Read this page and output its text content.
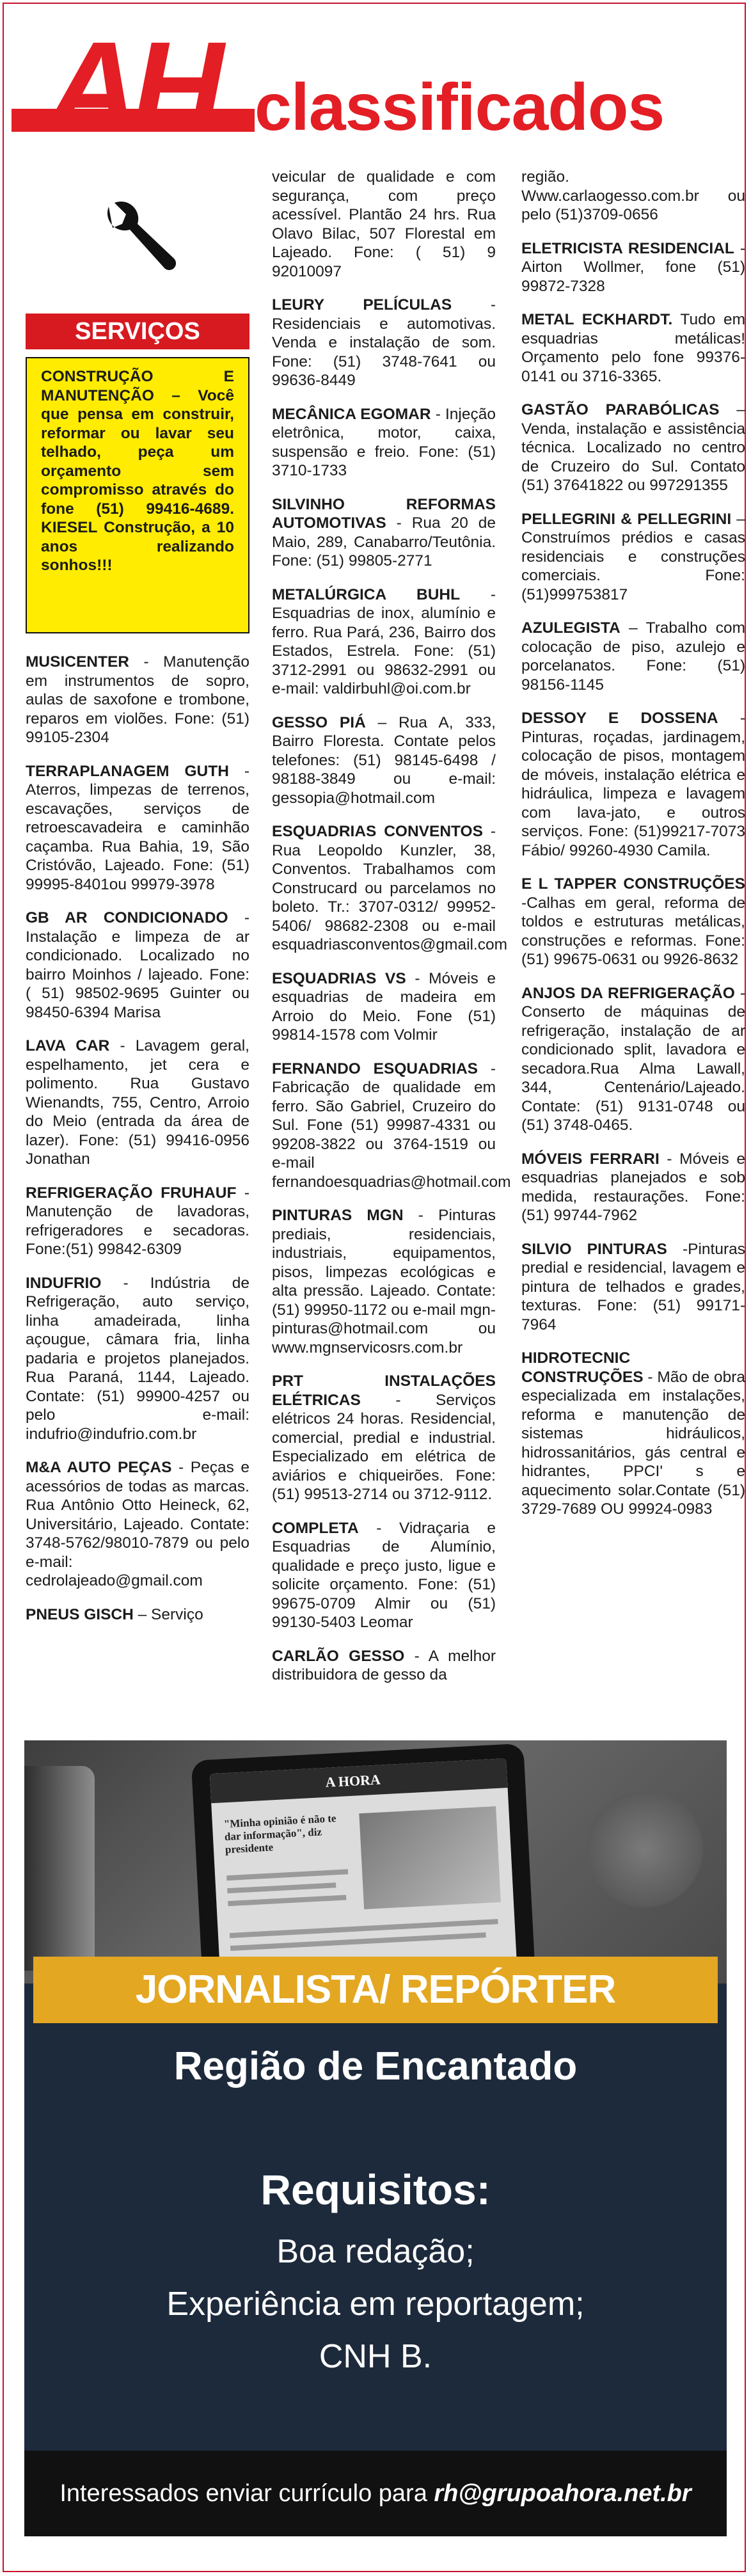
AH classificados
SERVIÇOS
CONSTRUÇÃO E MANUTENÇÃO – Você que pensa em construir, reformar ou lavar seu telhado, peça um orçamento sem compromisso através do fone (51) 99416-4689. KIESEL Construção, a 10 anos realizando sonhos!!!

MUSICENTER - Manutenção em instrumentos de sopro, aulas de saxofone e trombone, reparos em violões. Fone: (51) 99105-2304

TERRAPLANAGEM GUTH - Aterros, limpezas de terrenos, escavações, serviços de retroescavadeira e caminhão caçamba. Rua Bahia, 19, São Cristóvão, Lajeado. Fone: (51) 99995-8401ou 99979-3978

GB AR CONDICIONADO - Instalação e limpeza de ar condicionado. Localizado no bairro Moinhos / lajeado. Fone: ( 51) 98502-9695 Guinter ou 98450-6394 Marisa

LAVA CAR - Lavagem geral, espelhamento, jet cera e polimento. Rua Gustavo Wienandts, 755, Centro, Arroio do Meio (entrada da área de lazer). Fone: (51) 99416-0956 Jonathan

REFRIGERAÇÃO FRUHAUF - Manutenção de lavadoras, refrigeradores e secadoras. Fone:(51) 99842-6309

INDUFRIO - Indústria de Refrigeração, auto serviço, linha amadeirada, linha açougue, câmara fria, linha padaria e projetos planejados. Rua Paraná, 1144, Lajeado. Contate: (51) 99900-4257 ou pelo e-mail: indufrio@indufrio.com.br

M&A AUTO PEÇAS - Peças e acessórios de todas as marcas. Rua Antônio Otto Heineck, 62, Universitário, Lajeado. Contate: 3748-5762/98010-7879 ou pelo e-mail: cedrolajeado@gmail.com

PNEUS GISCH – Serviço

veicular de qualidade e com segurança, com preço acessível. Plantão 24 hrs. Rua Olavo Bilac, 507 Florestal em Lajeado. Fone: ( 51) 9 92010097

LEURY PELÍCULAS - Residenciais e automotivas. Venda e instalação de som. Fone: (51) 3748-7641 ou 99636-8449

MECÂNICA EGOMAR - Injeção eletrônica, motor, caixa, suspensão e freio. Fone: (51) 3710-1733

SILVINHO REFORMAS AUTOMOTIVAS - Rua 20 de Maio, 289, Canabarro/Teutônia. Fone: (51) 99805-2771

METALÚRGICA BUHL - Esquadrias de inox, alumínio e ferro. Rua Pará, 236, Bairro dos Estados, Estrela. Fone: (51) 3712-2991 ou 98632-2991 ou e-mail: valdirbuhl@oi.com.br

GESSO PIÁ – Rua A, 333, Bairro Floresta. Contate pelos telefones: (51) 98145-6498 / 98188-3849 ou e-mail: gessopia@hotmail.com

ESQUADRIAS CONVENTOS -Rua Leopoldo Kunzler, 38, Conventos. Trabalhamos com Construcard ou parcelamos no boleto. Tr.: 3707-0312/ 99952-5406/ 98682-2308 ou e-mail esquadriasconventos@gmail.com

ESQUADRIAS VS - Móveis e esquadrias de madeira em Arroio do Meio. Fone (51) 99814-1578 com Volmir

FERNANDO ESQUADRIAS -Fabricação de qualidade em ferro. São Gabriel, Cruzeiro do Sul. Fone (51) 99987-4331 ou 99208-3822 ou 3764-1519 ou e-mail fernandoesquadrias@hotmail.com

PINTURAS MGN - Pinturas prediais, residenciais, industriais, equipamentos, pisos, limpezas ecológicas e alta pressão. Lajeado. Contate: (51) 99950-1172 ou e-mail mgn-pinturas@hotmail.com ou www.mgnservicosrs.com.br

PRT INSTALAÇÕES ELÉTRICAS - Serviços elétricos 24 horas. Residencial, comercial, predial e industrial. Especializado em elétrica de aviários e chiqueirões. Fone: (51) 99513-2714 ou 3712-9112.

COMPLETA - Vidraçaria e Esquadrias de Alumínio, qualidade e preço justo, ligue e solicite orçamento. Fone: (51) 99675-0709 Almir ou (51) 99130-5403 Leomar

CARLÃO GESSO - A melhor distribuidora de gesso da

região. Www.carlaogesso.com.br ou pelo (51)3709-0656

ELETRICISTA RESIDENCIAL - Airton Wollmer, fone (51) 99872-7328

METAL ECKHARDT. Tudo em esquadrias metálicas! Orçamento pelo fone 99376-0141 ou 3716-3365.

GASTÃO PARABÓLICAS – Venda, instalação e assistência técnica. Localizado no centro de Cruzeiro do Sul. Contato (51) 37641822 ou 997291355

PELLEGRINI & PELLEGRINI – Construímos prédios e casas residenciais e construções comerciais. Fone: (51)999753817

AZULEGISTA – Trabalho com colocação de piso, azulejo e porcelanatos. Fone: (51) 98156-1145

DESSOY E DOSSENA -Pinturas, roçadas, jardinagem, colocação de pisos, montagem de móveis, instalação elétrica e hidráulica, limpeza e lavagem com lava-jato, e outros serviços. Fone: (51)99217-7073 Fábio/ 99260-4930 Camila.

E L TAPPER CONSTRUÇÕES -Calhas em geral, reforma de toldos e estruturas metálicas, construções e reformas. Fone: (51) 99675-0631 ou 9926-8632

ANJOS DA REFRIGERAÇÃO -Conserto de máquinas de refrigeração, instalação de ar condicionado split, lavadora e secadora.Rua Alma Lawall, 344, Centenário/Lajeado. Contate: (51) 9131-0748 ou (51) 3748-0465.

MÓVEIS FERRARI - Móveis e esquadrias planejados e sob medida, restaurações. Fone: (51) 99744-7962

SILVIO PINTURAS -Pinturas predial e residencial, lavagem e pintura de telhados e grades, texturas. Fone: (51) 99171-7964

HIDROTECNIC CONSTRUÇÕES - Mão de obra especializada em instalações, reforma e manutenção de sistemas hidráulicos, hidrossanitários, gás central e hidrantes, PPCI' s e aquecimento solar.Contate (51) 3729-7689 OU 99924-0983

A HORA
"Minha opinião é não te dar informação", diz presidente
JORNALISTA/ REPÓRTER
Região de Encantado
Requisitos:
Boa redação;
Experiência em reportagem;
CNH B.
Interessados enviar currículo para rh@grupoahora.net.br
